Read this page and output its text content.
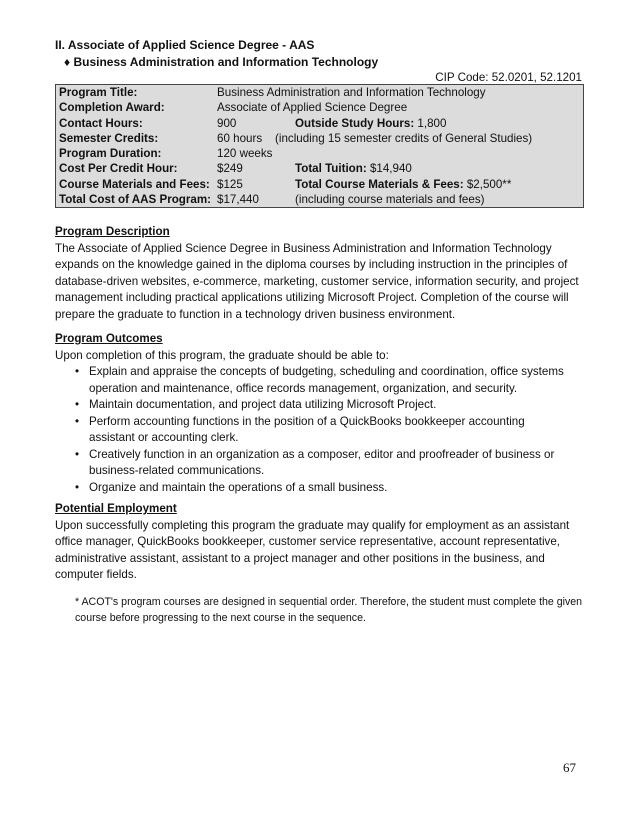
II. Associate of Applied Science Degree - AAS
♦ Business Administration and Information Technology
CIP Code: 52.0201, 52.1201
Program Title:	Business Administration and Information Technology	
Completion Award:	Associate of Applied Science Degree	
Contact Hours:	900	Outside Study Hours: 1,800
Semester Credits:	60 hours (including 15 semester credits of General Studies)	
Program Duration:	120 weeks	
Cost Per Credit Hour:	$249	Total Tuition: $14,940
Course Materials and Fees:	$125	Total Course Materials & Fees: $2,500**
Total Cost of AAS Program:	$17,440	(including course materials and fees)
Program Description
The Associate of Applied Science Degree in Business Administration and Information Technology expands on the knowledge gained in the diploma courses by including instruction in the principles of database-driven websites, e-commerce, marketing, customer service, information security, and project management including practical applications utilizing Microsoft Project. Completion of the course will prepare the graduate to function in a technology driven business environment.
Program Outcomes
Upon completion of this program, the graduate should be able to:
• Explain and appraise the concepts of budgeting, scheduling and coordination, office systems operation and maintenance, office records management, organization, and security.
• Maintain documentation, and project data utilizing Microsoft Project.
• Perform accounting functions in the position of a QuickBooks bookkeeper accounting assistant or accounting clerk.
• Creatively function in an organization as a composer, editor and proofreader of business or business-related communications.
• Organize and maintain the operations of a small business.
Potential Employment
Upon successfully completing this program the graduate may qualify for employment as an assistant office manager, QuickBooks bookkeeper, customer service representative, account representative, administrative assistant, assistant to a project manager and other positions in the business, and computer fields.
* ACOT's program courses are designed in sequential order. Therefore, the student must complete the given course before progressing to the next course in the sequence.
67
